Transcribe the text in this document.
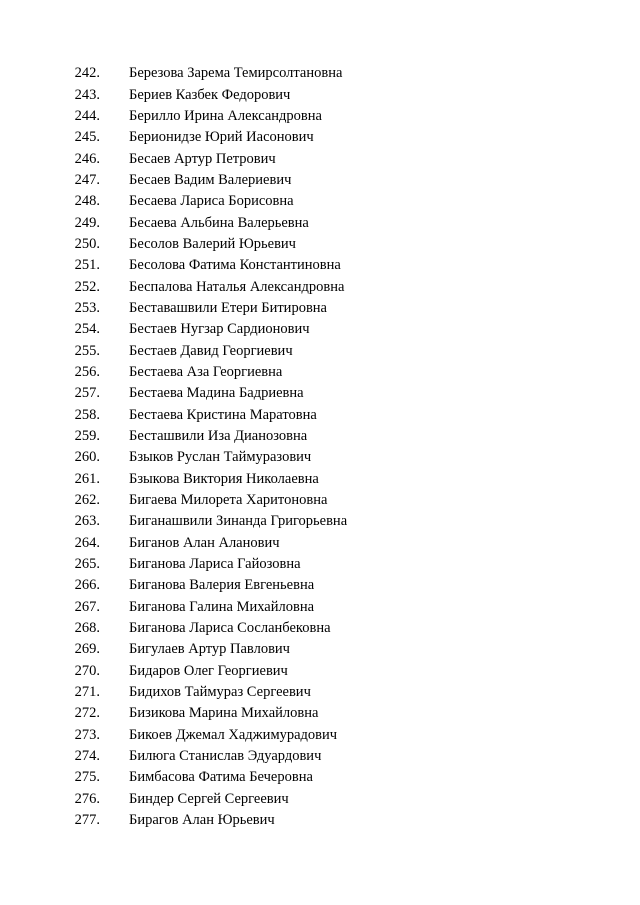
242.	Березова Зарема Темирсолтановна
243.	Бериев Казбек Федорович
244.	Берилло Ирина Александровна
245.	Берионидзе Юрий Иасонович
246.	Бесаев Артур Петрович
247.	Бесаев Вадим Валериевич
248.	Бесаева Лариса Борисовна
249.	Бесаева Альбина Валерьевна
250.	Бесолов Валерий Юрьевич
251.	Бесолова Фатима Константиновна
252.	Беспалова Наталья Александровна
253.	Беставашвили Етери Битировна
254.	Бестаев Нугзар Сардионович
255.	Бестаев Давид Георгиевич
256.	Бестаева Аза Георгиевна
257.	Бестаева Мадина Бадриевна
258.	Бестаева Кристина Маратовна
259.	Бесташвили Иза Дианозовна
260.	Бзыков Руслан Таймуразович
261.	Бзыкова Виктория Николаевна
262.	Бигаева Милорета Харитоновна
263.	Биганашвили Зинанда Григорьевна
264.	Биганов Алан Аланович
265.	Биганова Лариса Гайозовна
266.	Биганова Валерия Евгеньевна
267.	Биганова Галина Михайловна
268.	Биганова Лариса Сосланбековна
269.	Бигулаев Артур Павлович
270.	Бидаров Олег Георгиевич
271.	Бидихов Таймураз Сергеевич
272.	Бизикова Марина Михайловна
273.	Бикоев Джемал Хаджимурадович
274.	Билюга Станислав Эдуардович
275.	Бимбасова Фатима Бечеровна
276.	Биндер Сергей Сергеевич
277.	Бирагов Алан Юрьевич
